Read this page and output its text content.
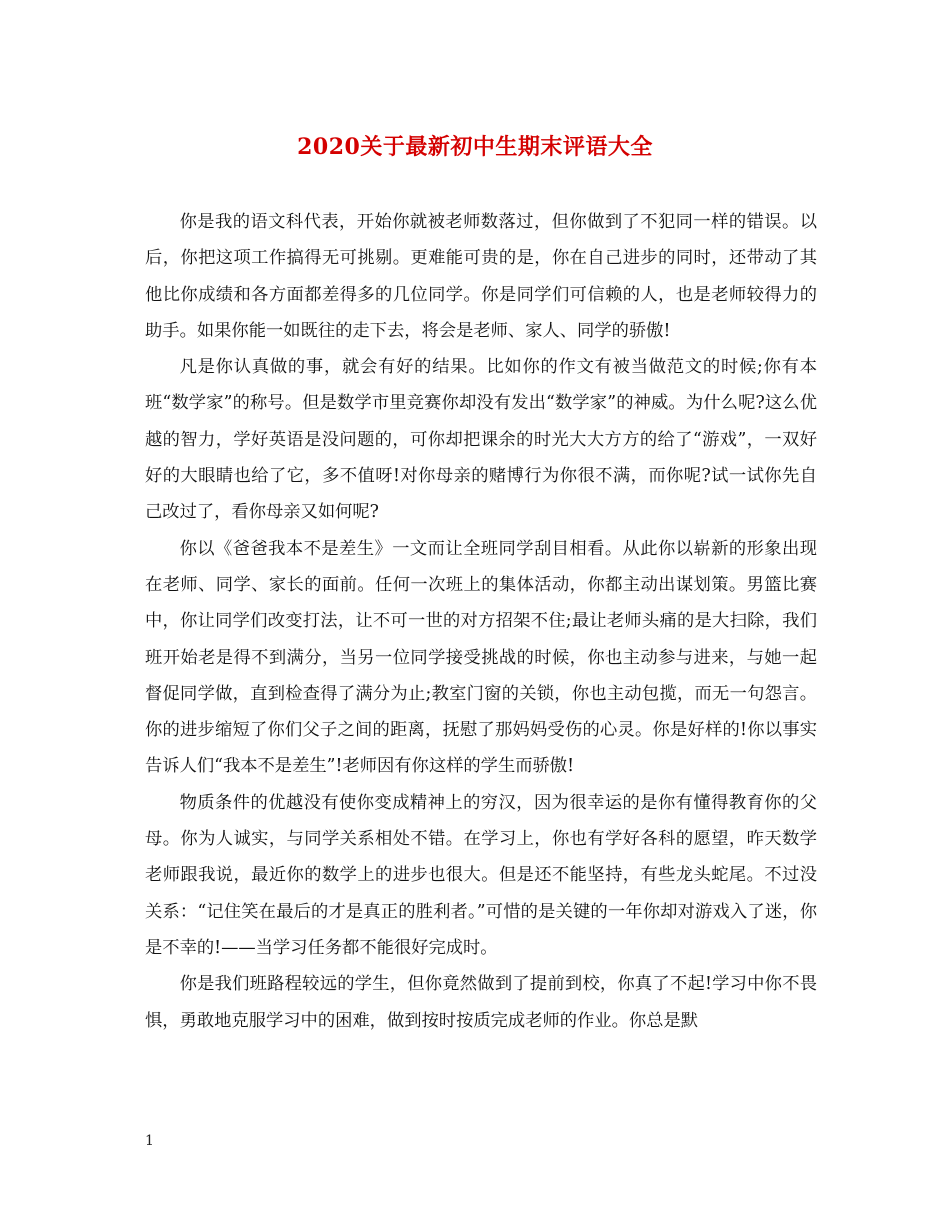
2020关于最新初中生期末评语大全

你是我的语文科代表，开始你就被老师数落过，但你做到了不犯同一样的错误。以后，你把这项工作搞得无可挑剔。更难能可贵的是，你在自己进步的同时，还带动了其他比你成绩和各方面都差得多的几位同学。你是同学们可信赖的人，也是老师较得力的助手。如果你能一如既往的走下去，将会是老师、家人、同学的骄傲!

凡是你认真做的事，就会有好的结果。比如你的作文有被当做范文的时候;你有本班“数学家”的称号。但是数学市里竞赛你却没有发出“数学家”的神威。为什么呢?这么优越的智力，学好英语是没问题的，可你却把课余的时光大大方方的给了“游戏”，一双好好的大眼睛也给了它，多不值呀!对你母亲的赌博行为你很不满，而你呢?试一试你先自己改过了，看你母亲又如何呢?

你以《爸爸我本不是差生》一文而让全班同学刮目相看。从此你以崭新的形象出现在老师、同学、家长的面前。任何一次班上的集体活动，你都主动出谋划策。男篮比赛中，你让同学们改变打法，让不可一世的对方招架不住;最让老师头痛的是大扫除，我们班开始老是得不到满分，当另一位同学接受挑战的时候，你也主动参与进来，与她一起督促同学做，直到检查得了满分为止;教室门窗的关锁，你也主动包揽，而无一句怨言。你的进步缩短了你们父子之间的距离，抚慰了那妈妈受伤的心灵。你是好样的!你以事实告诉人们“我本不是差生”!老师因有你这样的学生而骄傲!

物质条件的优越没有使你变成精神上的穷汉，因为很幸运的是你有懂得教育你的父母。你为人诚实，与同学关系相处不错。在学习上，你也有学好各科的愿望，昨天数学老师跟我说，最近你的数学上的进步也很大。但是还不能坚持，有些龙头蛇尾。不过没关系：“记住笑在最后的才是真正的胜利者。”可惜的是关键的一年你却对游戏入了迷，你是不幸的!——当学习任务都不能很好完成时。

你是我们班路程较远的学生，但你竟然做到了提前到校，你真了不起!学习中你不畏惧，勇敢地克服学习中的困难，做到按时按质完成老师的作业。你总是默

1
